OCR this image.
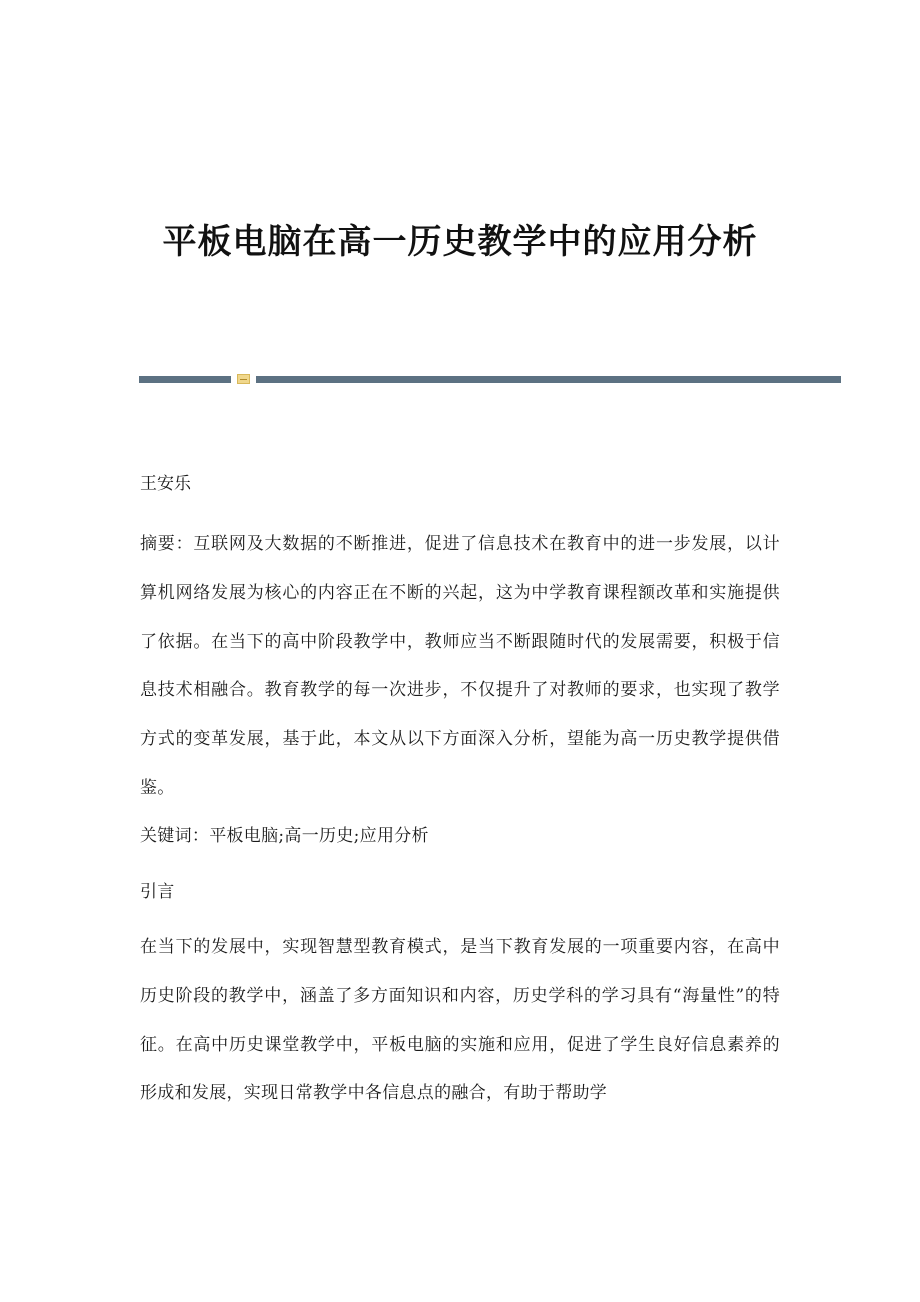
平板电脑在高一历史教学中的应用分析

王安乐

摘要：互联网及大数据的不断推进，促进了信息技术在教育中的进一步发展，以计算机网络发展为核心的内容正在不断的兴起，这为中学教育课程额改革和实施提供了依据。在当下的高中阶段教学中，教师应当不断跟随时代的发展需要，积极于信息技术相融合。教育教学的每一次进步，不仅提升了对教师的要求，也实现了教学方式的变革发展，基于此，本文从以下方面深入分析，望能为高一历史教学提供借鉴。

关键词：平板电脑;高一历史;应用分析

引言

在当下的发展中，实现智慧型教育模式，是当下教育发展的一项重要内容，在高中历史阶段的教学中，涵盖了多方面知识和内容，历史学科的学习具有“海量性”的特征。在高中历史课堂教学中，平板电脑的实施和应用，促进了学生良好信息素养的形成和发展，实现日常教学中各信息点的融合，有助于帮助学
